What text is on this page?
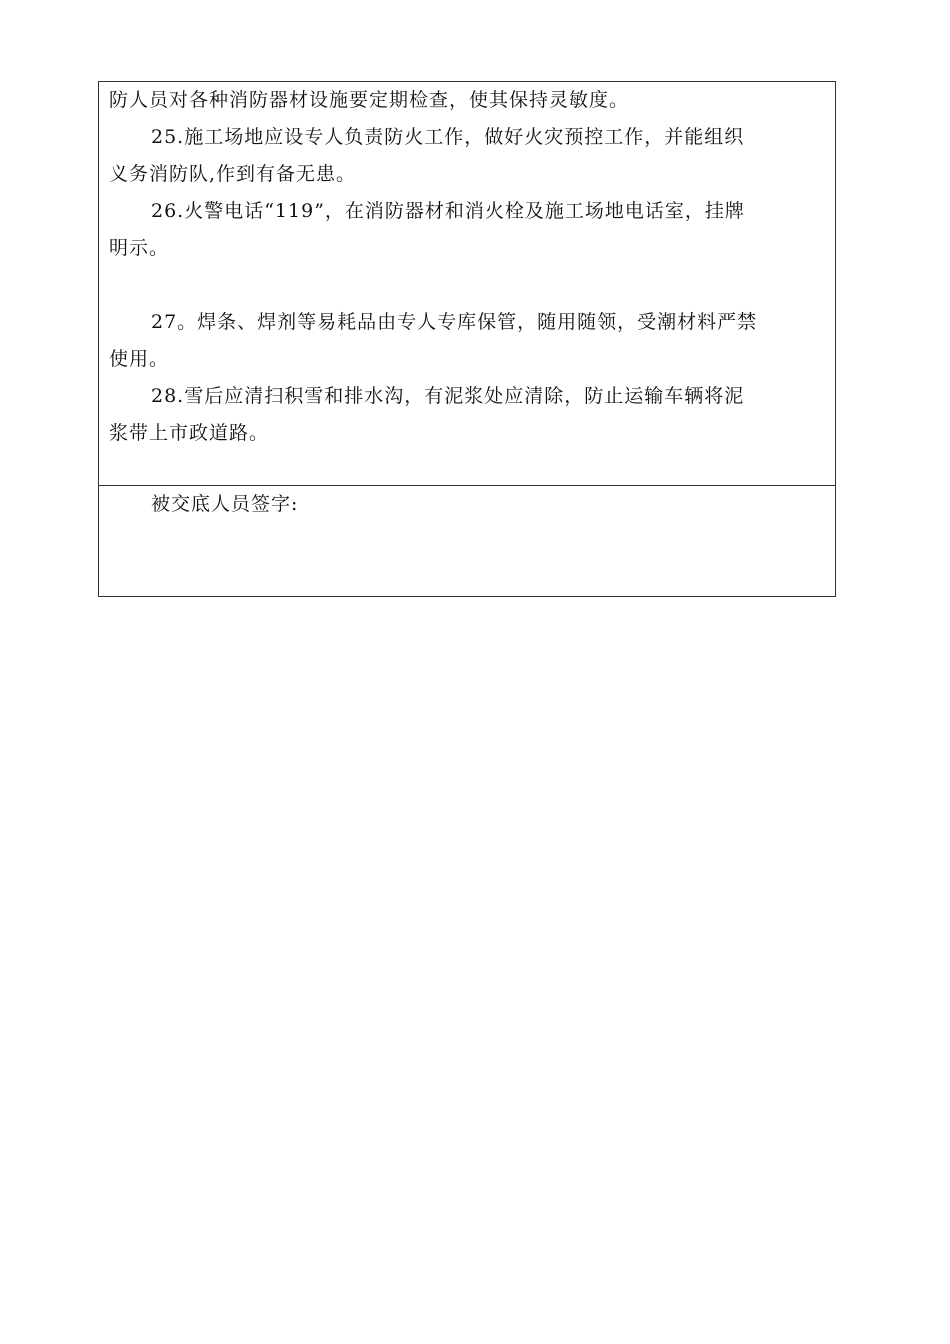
防人员对各种消防器材设施要定期检查，使其保持灵敏度。
25.施工场地应设专人负责防火工作，做好火灾预控工作，并能组织
义务消防队,作到有备无患。
26.火警电话“119”，在消防器材和消火栓及施工场地电话室，挂牌
明示。
27。焊条、焊剂等易耗品由专人专库保管，随用随领，受潮材料严禁
使用。
28.雪后应清扫积雪和排水沟，有泥浆处应清除，防止运输车辆将泥
浆带上市政道路。
被交底人员签字:
